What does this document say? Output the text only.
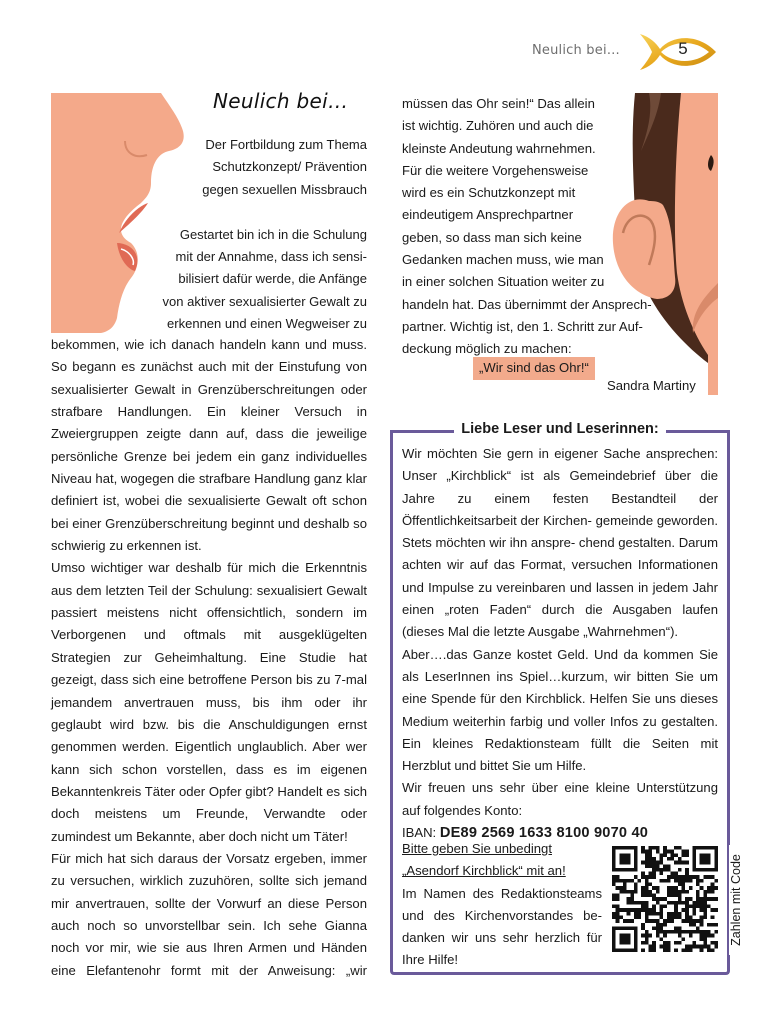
Neulich bei…	5
Neulich bei…
Der Fortbildung zum Thema
Schutzkonzept/ Prävention
gegen sexuellen Missbrauch
Gestartet bin ich in die Schulung
mit der Annahme, dass ich sensi-
bilisiert dafür werde, die Anfänge
von aktiver sexualisierter Gewalt zu
erkennen und einen Wegweiser zu

bekommen, wie ich danach handeln kann und muss. So begann es zunächst auch mit der Einstufung von sexualisierter Gewalt in Grenzüberschreitungen oder strafbare Handlungen. Ein kleiner Versuch in Zweiergruppen zeigte dann auf, dass die jeweilige persönliche Grenze bei jedem ein ganz individuelles Niveau hat, wogegen die strafbare Handlung ganz klar definiert ist, wobei die sexualisierte Gewalt oft schon bei einer Grenzüberschreitung beginnt und deshalb so schwierig zu erkennen ist.

Umso wichtiger war deshalb für mich die Erkenntnis aus dem letzten Teil der Schulung: sexualisiert Gewalt passiert meistens nicht offensichtlich, sondern im Verborgenen und oftmals mit ausgeklügelten Strategien zur Geheimhaltung. Eine Studie hat gezeigt, dass sich eine betroffene Person bis zu 7-mal jemandem anvertrauen muss, bis ihm oder ihr geglaubt wird bzw. bis die Anschuldigungen ernst genommen werden. Eigentlich unglaublich. Aber wer kann sich schon vorstellen, dass es im eigenen Bekanntenkreis Täter oder Opfer gibt? Handelt es sich doch meistens um Freunde, Verwandte oder zumindest um Bekannte, aber doch nicht um Täter!

Für mich hat sich daraus der Vorsatz ergeben, immer zu versuchen, wirklich zuzuhören, sollte sich jemand mir anvertrauen, sollte der Vorwurf an diese Person auch noch so unvorstellbar sein. Ich sehe Gianna noch vor mir, wie sie aus Ihren Armen und Händen eine Elefantenohr formt mit der Anweisung: „wir

müssen das Ohr sein!“ Das allein
ist wichtig. Zuhören und auch die
kleinste Andeutung wahrnehmen.
Für die weitere Vorgehensweise
wird es ein Schutzkonzept mit
eindeutigem Ansprechpartner
geben, so dass man sich keine
Gedanken machen muss, wie man
in einer solchen Situation weiter zu
handeln hat. Das übernimmt der Ansprech-
partner. Wichtig ist, den 1. Schritt zur Auf-
deckung möglich zu machen:
„Wir sind das Ohr!“
Sandra Martiny
Liebe Leser und Leserinnen:

Wir möchten Sie gern in eigener Sache ansprechen: Unser „Kirchblick“ ist als Gemeindebrief über die Jahre zu einem festen Bestandteil der Öffentlichkeitsarbeit der Kirchen- gemeinde geworden. Stets möchten wir ihn anspre- chend gestalten. Darum achten wir auf das Format, versuchen Informationen und Impulse zu vereinbaren und lassen in jedem Jahr einen „roten Faden“ durch die Ausgaben laufen (dieses Mal die letzte Ausgabe „Wahrnehmen“).

Aber….das Ganze kostet Geld. Und da kommen Sie als LeserInnen ins Spiel…kurzum, wir bitten Sie um eine Spende für den Kirchblick. Helfen Sie uns dieses Medium weiterhin farbig und voller Infos zu gestalten. Ein kleines Redaktionsteam füllt die Seiten mit Herzblut und bittet Sie um Hilfe.

Wir freuen uns sehr über eine kleine Unterstützung auf folgendes Konto:

IBAN: DE89 2569 1633 8100 9070 40
Bitte geben Sie unbedingt
„Asendorf Kirchblick“ mit an!

Im Namen des Redaktionsteams und des Kirchenvorstandes be- danken wir uns sehr herzlich für Ihre Hilfe!

Zahlen mit Code
